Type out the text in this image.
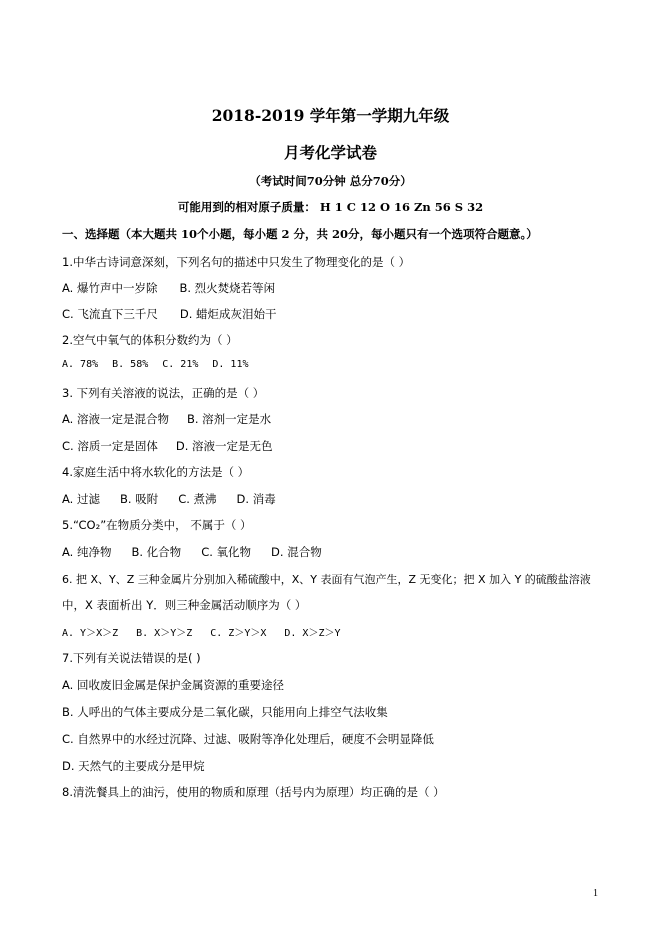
2018-2019 学年第一学期九年级
月考化学试卷
（考试时间70分钟 总分70分）
可能用到的相对原子质量： H 1 C 12 O 16 Zn 56 S 32
一、选择题（本大题共 10个小题，每小题 2 分，共 20分，每小题只有一个选项符合题意。）
1.中华古诗词意深刻，下列名句的描述中只发生了物理变化的是（ ）
A. 爆竹声中一岁除 B. 烈火焚烧若等闲
C. 飞流直下三千尺 D. 蜡炬成灰泪始干
2.空气中氧气的体积分数约为（ ）
A. 78% B. 58% C. 21% D. 11%
3. 下列有关溶液的说法，正确的是（ ）
A. 溶液一定是混合物 B. 溶剂一定是水
C. 溶质一定是固体 D. 溶液一定是无色
4.家庭生活中将水软化的方法是（ ）
A. 过滤 B. 吸附 C. 煮沸 D. 消毒
5.“CO₂”在物质分类中， 不属于（ ）
A. 纯净物 B. 化合物 C. 氧化物 D. 混合物
6. 把 X、Y、Z 三种金属片分别加入稀硫酸中，X、Y 表面有气泡产生，Z 无变化；把 X 加入 Y 的硫酸盐溶液
中，X 表面析出 Y．则三种金属活动顺序为（ ）
A. Y＞X＞Z B. X＞Y＞Z C. Z＞Y＞X D. X＞Z＞Y
7.下列有关说法错误的是( )
A. 回收废旧金属是保护金属资源的重要途径
B. 人呼出的气体主要成分是二氧化碳，只能用向上排空气法收集
C. 自然界中的水经过沉降、过滤、吸附等净化处理后，硬度不会明显降低
D. 天然气的主要成分是甲烷
8.清洗餐具上的油污，使用的物质和原理（括号内为原理）均正确的是（ ）
1
